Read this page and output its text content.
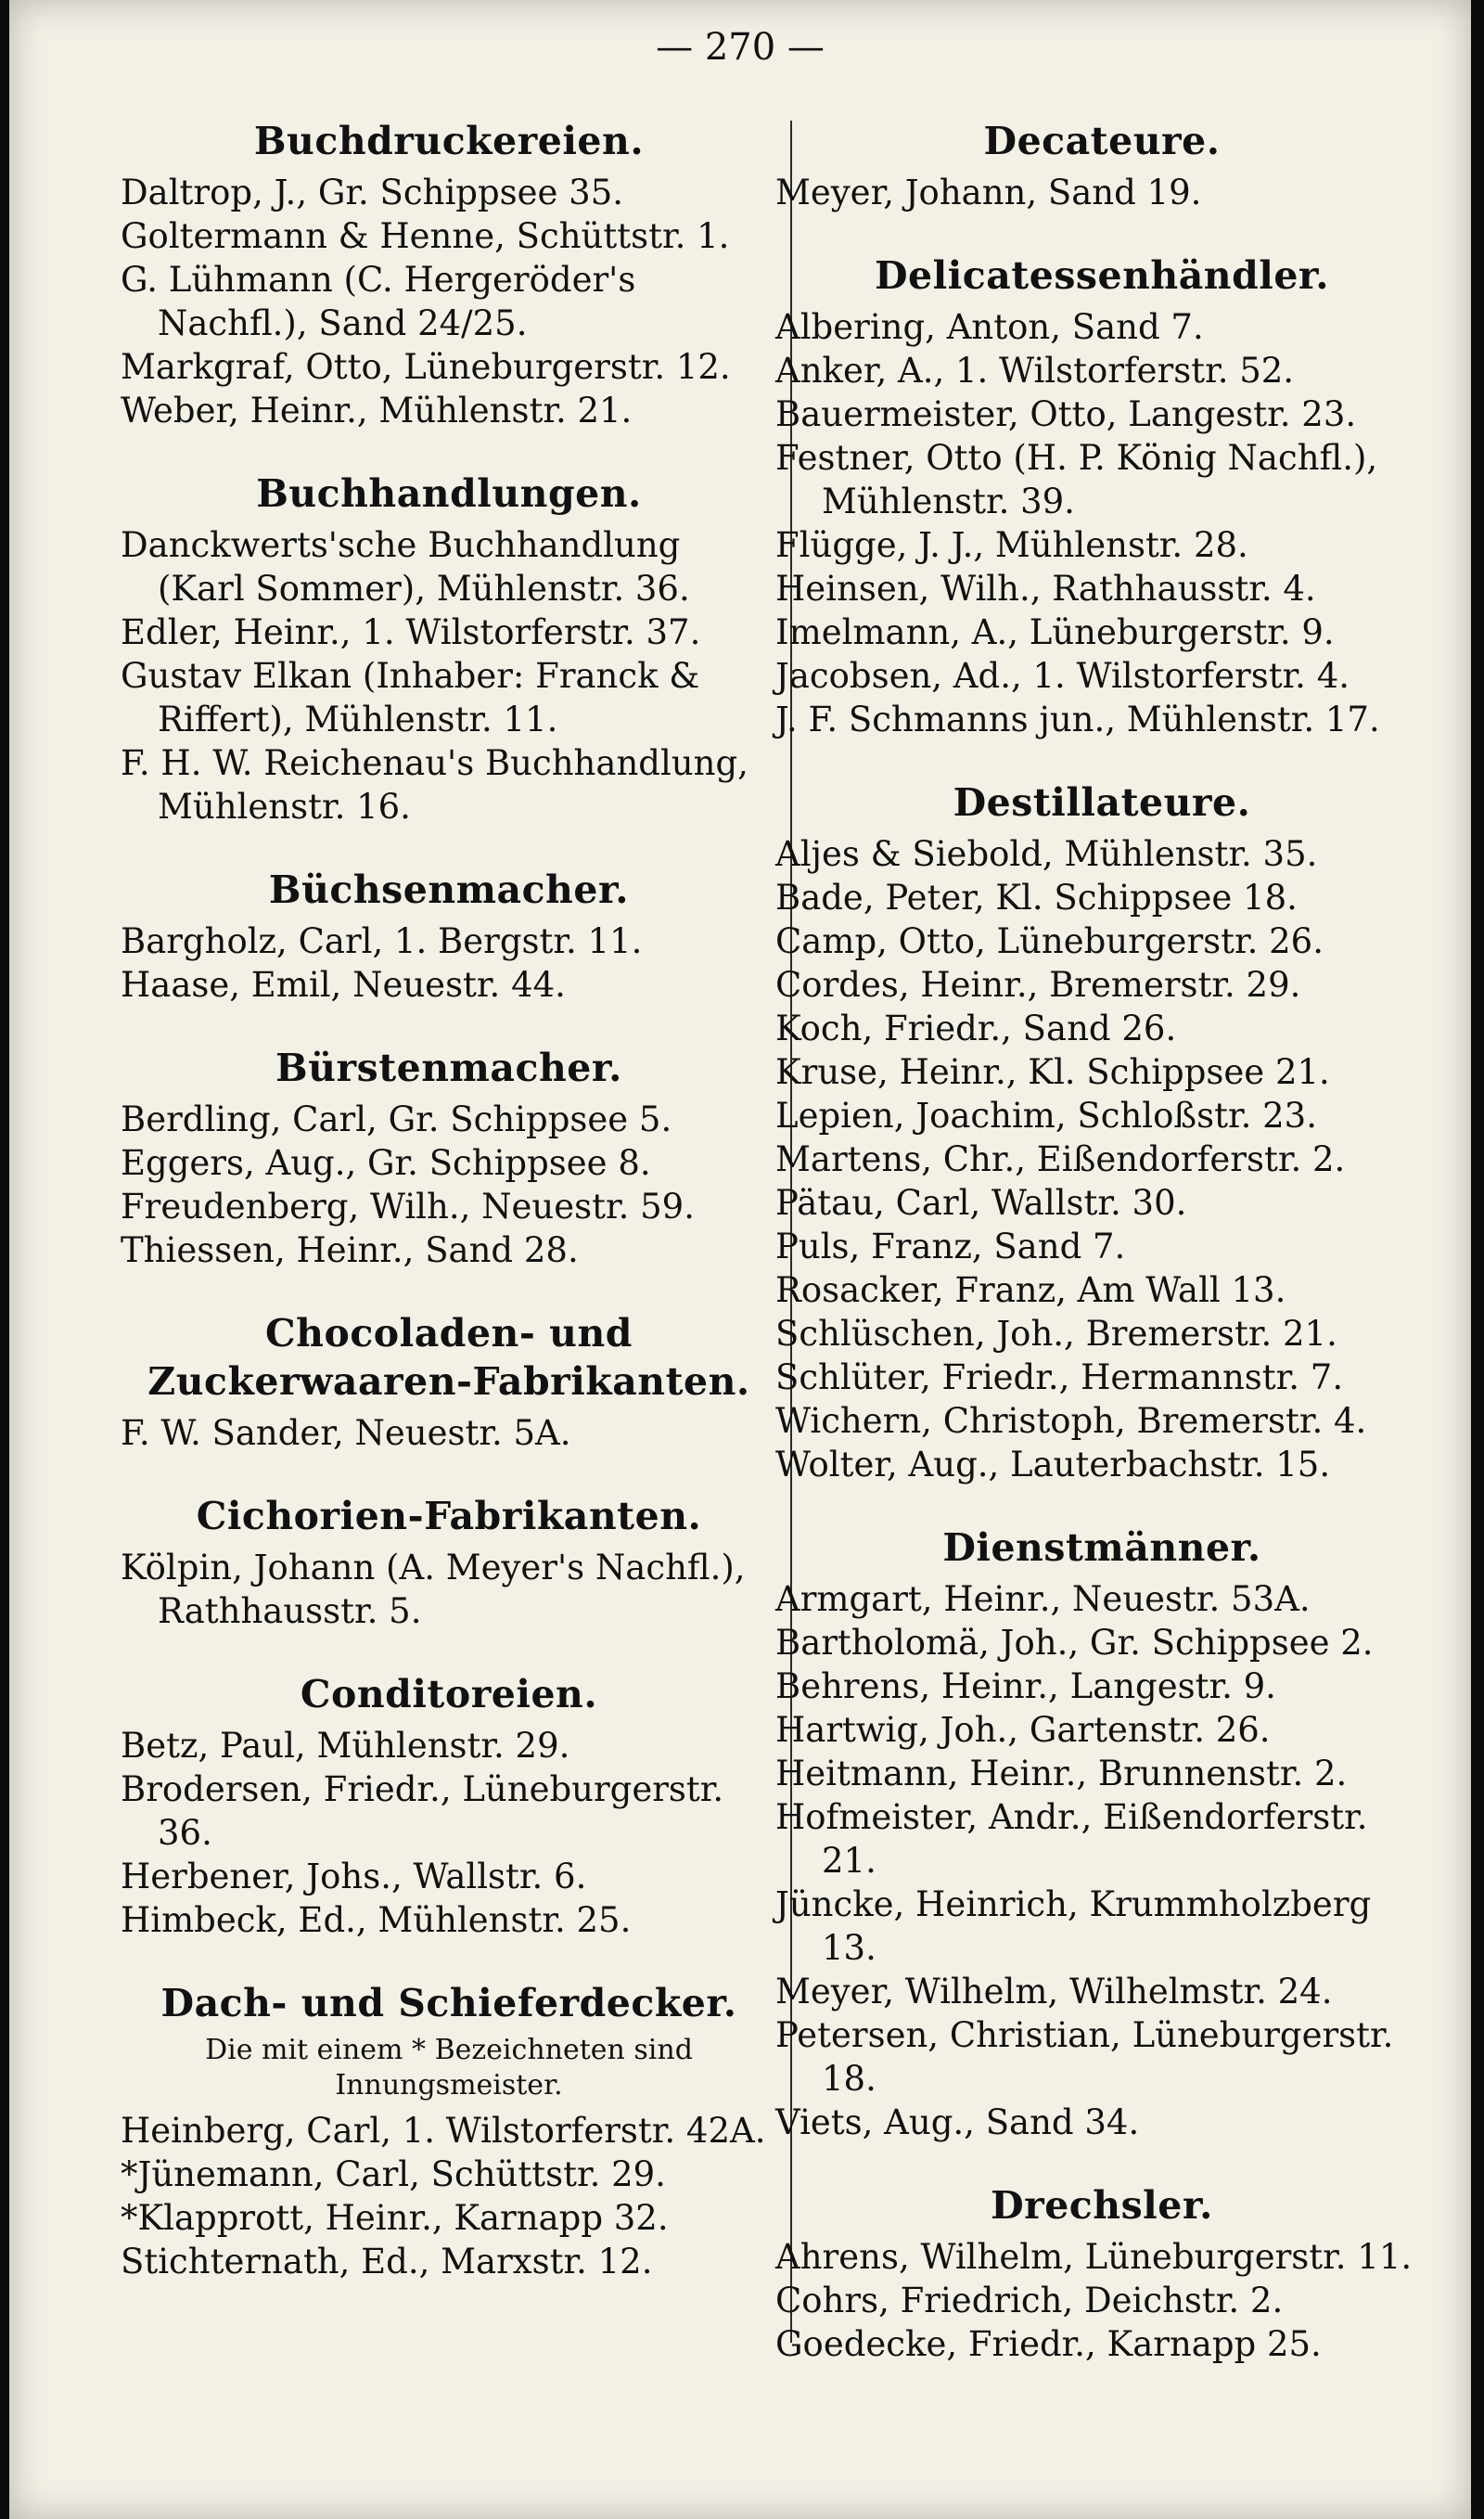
— 270 —
Buchdruckereien.
Daltrop, J., Gr. Schippsee 35.
Goltermann & Henne, Schüttstr. 1.
G. Lühmann (C. Hergeröder's Nachfl.), Sand 24/25.
Markgraf, Otto, Lüneburgerstr. 12.
Weber, Heinr., Mühlenstr. 21.
Buchhandlungen.
Danckwerts'sche Buchhandlung (Karl Sommer), Mühlenstr. 36.
Edler, Heinr., 1. Wilstorferstr. 37.
Gustav Elkan (Inhaber: Franck & Riffert), Mühlenstr. 11.
F. H. W. Reichenau's Buchhandlung, Mühlenstr. 16.
Büchsenmacher.
Bargholz, Carl, 1. Bergstr. 11.
Haase, Emil, Neuestr. 44.
Bürstenmacher.
Berdling, Carl, Gr. Schippsee 5.
Eggers, Aug., Gr. Schippsee 8.
Freudenberg, Wilh., Neuestr. 59.
Thiessen, Heinr., Sand 28.
Chocoladen- und Zuckerwaaren-Fabrikanten.
F. W. Sander, Neuestr. 5A.
Cichorien-Fabrikanten.
Kölpin, Johann (A. Meyer's Nachfl.), Rathhausstr. 5.
Conditoreien.
Betz, Paul, Mühlenstr. 29.
Brodersen, Friedr., Lüneburgerstr. 36.
Herbener, Johs., Wallstr. 6.
Himbeck, Ed., Mühlenstr. 25.
Dach- und Schieferdecker.
Die mit einem * Bezeichneten sind Innungsmeister.
Heinberg, Carl, 1. Wilstorferstr. 42A.
*Jünemann, Carl, Schüttstr. 29.
*Klapprott, Heinr., Karnapp 32.
Stichternath, Ed., Marxstr. 12.
Decateure.
Meyer, Johann, Sand 19.
Delicatessenhändler.
Albering, Anton, Sand 7.
Anker, A., 1. Wilstorferstr. 52.
Bauermeister, Otto, Langestr. 23.
Festner, Otto (H. P. König Nachfl.), Mühlenstr. 39.
Flügge, J. J., Mühlenstr. 28.
Heinsen, Wilh., Rathhausstr. 4.
Imelmann, A., Lüneburgerstr. 9.
Jacobsen, Ad., 1. Wilstorferstr. 4.
J. F. Schmanns jun., Mühlenstr. 17.
Destillateure.
Aljes & Siebold, Mühlenstr. 35.
Bade, Peter, Kl. Schippsee 18.
Camp, Otto, Lüneburgerstr. 26.
Cordes, Heinr., Bremerstr. 29.
Koch, Friedr., Sand 26.
Kruse, Heinr., Kl. Schippsee 21.
Lepien, Joachim, Schloßstr. 23.
Martens, Chr., Eißendorferstr. 2.
Pätau, Carl, Wallstr. 30.
Puls, Franz, Sand 7.
Rosacker, Franz, Am Wall 13.
Schlüschen, Joh., Bremerstr. 21.
Schlüter, Friedr., Hermannstr. 7.
Wichern, Christoph, Bremerstr. 4.
Wolter, Aug., Lauterbachstr. 15.
Dienstmänner.
Armgart, Heinr., Neuestr. 53A.
Bartholomä, Joh., Gr. Schippsee 2.
Behrens, Heinr., Langestr. 9.
Hartwig, Joh., Gartenstr. 26.
Heitmann, Heinr., Brunnenstr. 2.
Hofmeister, Andr., Eißendorferstr. 21.
Jüncke, Heinrich, Krummholzberg 13.
Meyer, Wilhelm, Wilhelmstr. 24.
Petersen, Christian, Lüneburgerstr. 18.
Viets, Aug., Sand 34.
Drechsler.
Ahrens, Wilhelm, Lüneburgerstr. 11.
Cohrs, Friedrich, Deichstr. 2.
Goedecke, Friedr., Karnapp 25.
